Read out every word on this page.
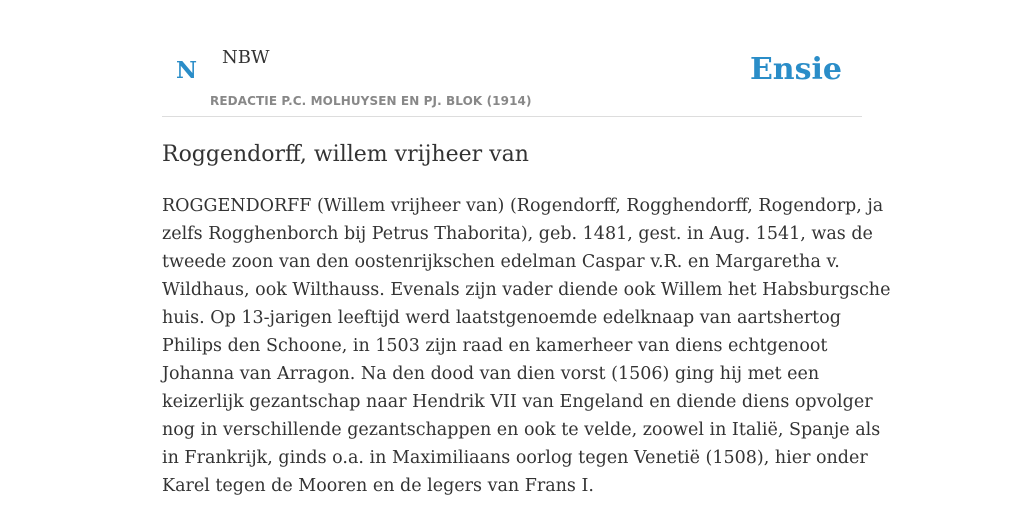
N NBW
REDACTIE P.C. MOLHUYSEN EN PJ. BLOK (1914)
Ensie
Roggendorff, willem vrijheer van

ROGGENDORFF (Willem vrijheer van) (Rogendorff, Rogghendorff, Rogendorp, ja
zelfs Rogghenborch bij Petrus Thaborita), geb. 1481, gest. in Aug. 1541, was de
tweede zoon van den oostenrijkschen edelman Caspar v.R. en Margaretha v.
Wildhaus, ook Wilthauss. Evenals zijn vader diende ook Willem het Habsburgsche
huis. Op 13-jarigen leeftijd werd laatstgenoemde edelknaap van aartshertog
Philips den Schoone, in 1503 zijn raad en kamerheer van diens echtgenoot
Johanna van Arragon. Na den dood van dien vorst (1506) ging hij met een
keizerlijk gezantschap naar Hendrik VII van Engeland en diende diens opvolger
nog in verschillende gezantschappen en ook te velde, zoowel in Italië, Spanje als
in Frankrijk, ginds o.a. in Maximiliaans oorlog tegen Venetië (1508), hier onder
Karel tegen de Mooren en de legers van Frans I.
